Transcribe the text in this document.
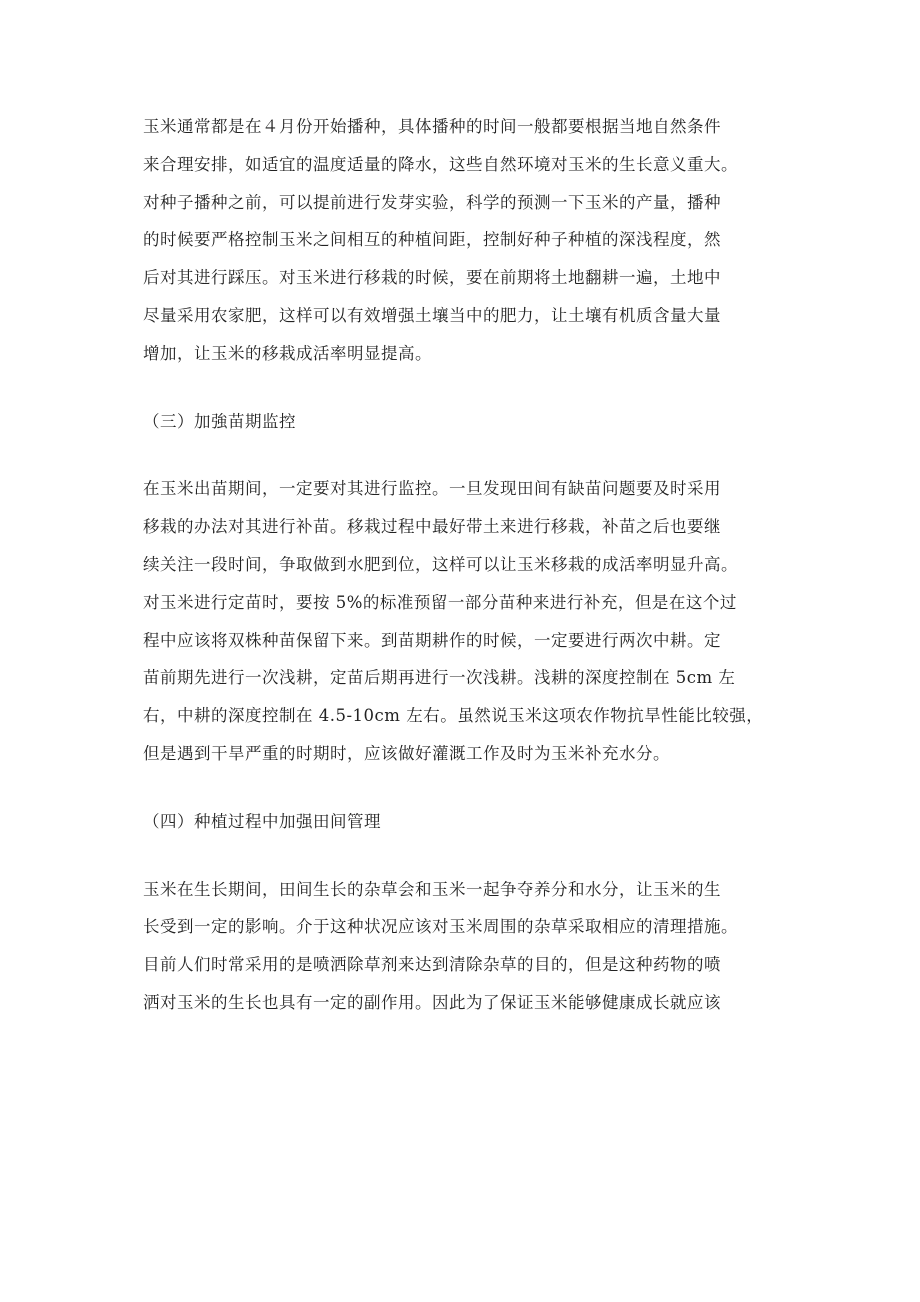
玉米通常都是在４月份开始播种，具体播种的时间一般都要根据当地自然条件
来合理安排，如适宜的温度适量的降水，这些自然环境对玉米的生长意义重大。
对种子播种之前，可以提前进行发芽实验，科学的预测一下玉米的产量，播种
的时候要严格控制玉米之间相互的种植间距，控制好种子种植的深浅程度，然
后对其进行踩压。对玉米进行移栽的时候，要在前期将土地翻耕一遍，土地中
尽量采用农家肥，这样可以有效增强土壤当中的肥力，让土壤有机质含量大量
增加，让玉米的移栽成活率明显提高。
（三）加強苗期监控
在玉米出苗期间，一定要对其进行监控。一旦发现田间有缺苗问题要及时采用
移栽的办法对其进行补苗。移栽过程中最好带土来进行移栽，补苗之后也要继
续关注一段时间，争取做到水肥到位，这样可以让玉米移栽的成活率明显升高。
对玉米进行定苗时，要按 5%的标准预留一部分苗种来进行补充，但是在这个过
程中应该将双株种苗保留下来。到苗期耕作的时候，一定要进行两次中耕。定
苗前期先进行一次浅耕，定苗后期再进行一次浅耕。浅耕的深度控制在 5cm 左
右，中耕的深度控制在 4.5-10cm 左右。虽然说玉米这项农作物抗旱性能比较强，
但是遇到干旱严重的时期时，应该做好灌溉工作及时为玉米补充水分。
（四）种植过程中加强田间管理
玉米在生长期间，田间生长的杂草会和玉米一起争夺养分和水分，让玉米的生
长受到一定的影响。介于这种状况应该对玉米周围的杂草采取相应的清理措施。
目前人们时常采用的是喷洒除草剂来达到清除杂草的目的，但是这种药物的喷
洒对玉米的生长也具有一定的副作用。因此为了保证玉米能够健康成长就应该
